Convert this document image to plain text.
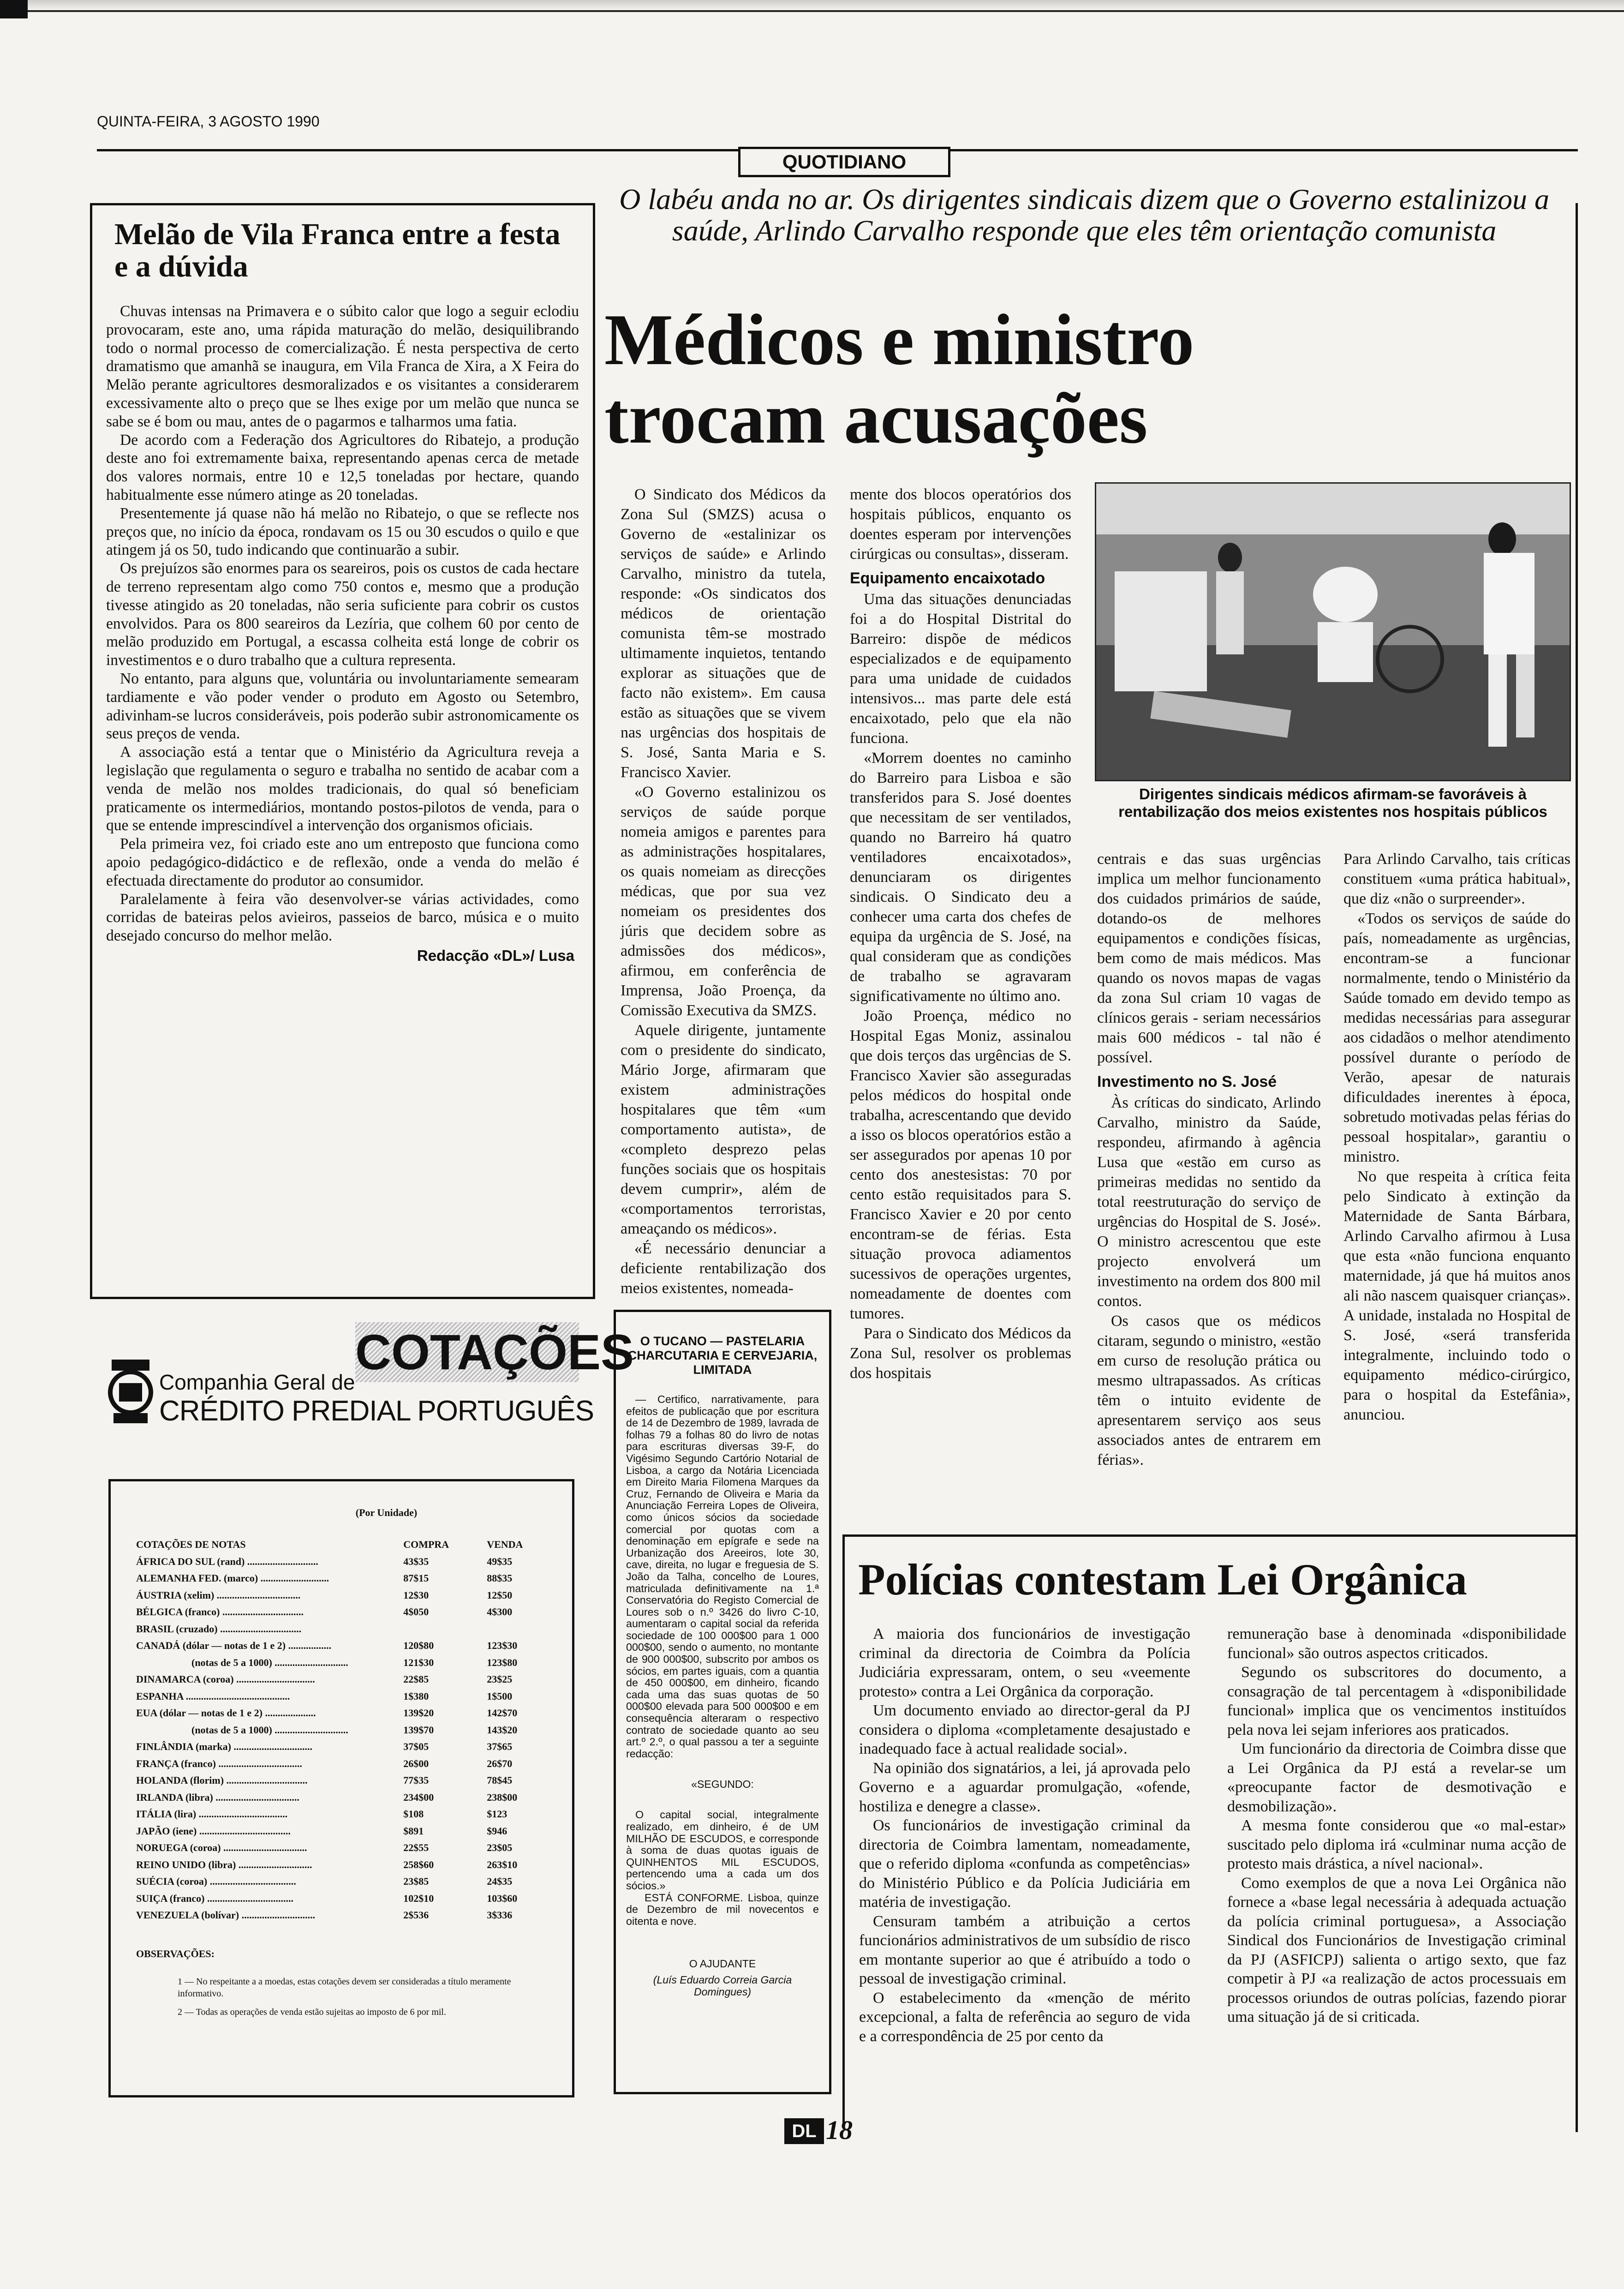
QUINTA-FEIRA, 3 AGOSTO 1990
QUOTIDIANO
Melão de Vila Franca entre a festa e a dúvida

Chuvas intensas na Primavera e o súbito calor que logo a seguir eclodiu provocaram, este ano, uma rápida maturação do melão, desiquilibrando todo o normal processo de comercialização. É nesta perspectiva de certo dramatismo que amanhã se inaugura, em Vila Franca de Xira, a X Feira do Melão perante agricultores desmoralizados e os visitantes a considerarem excessivamente alto o preço que se lhes exige por um melão que nunca se sabe se é bom ou mau, antes de o pagarmos e talharmos uma fatia.

De acordo com a Federação dos Agricultores do Ribatejo, a produção deste ano foi extremamente baixa, representando apenas cerca de metade dos valores normais, entre 10 e 12,5 toneladas por hectare, quando habitualmente esse número atinge as 20 toneladas.

Presentemente já quase não há melão no Ribatejo, o que se reflecte nos preços que, no início da época, rondavam os 15 ou 30 escudos o quilo e que atingem já os 50, tudo indicando que continuarão a subir.

Os prejuízos são enormes para os seareiros, pois os custos de cada hectare de terreno representam algo como 750 contos e, mesmo que a produção tivesse atingido as 20 toneladas, não seria suficiente para cobrir os custos envolvidos. Para os 800 seareiros da Lezíria, que colhem 60 por cento de melão produzido em Portugal, a escassa colheita está longe de cobrir os investimentos e o duro trabalho que a cultura representa.

No entanto, para alguns que, voluntária ou involuntariamente semearam tardiamente e vão poder vender o produto em Agosto ou Setembro, adivinham-se lucros consideráveis, pois poderão subir astronomicamente os seus preços de venda.

A associação está a tentar que o Ministério da Agricultura reveja a legislação que regulamenta o seguro e trabalha no sentido de acabar com a venda de melão nos moldes tradicionais, do qual só beneficiam praticamente os intermediários, montando postos-pilotos de venda, para o que se entende imprescindível a intervenção dos organismos oficiais.

Pela primeira vez, foi criado este ano um entreposto que funciona como apoio pedagógico-didáctico e de reflexão, onde a venda do melão é efectuada directamente do produtor ao consumidor.

Paralelamente à feira vão desenvolver-se várias actividades, como corridas de bateiras pelos avieiros, passeios de barco, música e o muito desejado concurso do melhor melão.

Redacção «DL»/ Lusa
O labéu anda no ar. Os dirigentes sindicais dizem que o Governo estalinizou a saúde, Arlindo Carvalho responde que eles têm orientação comunista
Médicos e ministro trocam acusações
Dirigentes sindicais médicos afirmam-se favoráveis à rentabilização dos meios existentes nos hospitais públicos

O Sindicato dos Médicos da Zona Sul (SMZS) acusa o Governo de «estalinizar os serviços de saúde» e Arlindo Carvalho, ministro da tutela, responde: «Os sindicatos dos médicos de orientação comunista têm-se mostrado ultimamente inquietos, tentando explorar as situações que de facto não existem». Em causa estão as situações que se vivem nas urgências dos hospitais de S. José, Santa Maria e S. Francisco Xavier.

«O Governo estalinizou os serviços de saúde porque nomeia amigos e parentes para as administrações hospitalares, os quais nomeiam as direcções médicas, que por sua vez nomeiam os presidentes dos júris que decidem sobre as admissões dos médicos», afirmou, em conferência de Imprensa, João Proença, da Comissão Executiva da SMZS.

Aquele dirigente, juntamente com o presidente do sindicato, Mário Jorge, afirmaram que existem administrações hospitalares que têm «um comportamento autista», de «completo desprezo pelas funções sociais que os hospitais devem cumprir», além de «comportamentos terroristas, ameaçando os médicos».

«É necessário denunciar a deficiente rentabilização dos meios existentes, nomeada-

mente dos blocos operatórios dos hospitais públicos, enquanto os doentes esperam por intervenções cirúrgicas ou consultas», disseram.
Equipamento encaixotado

Uma das situações denunciadas foi a do Hospital Distrital do Barreiro: dispõe de médicos especializados e de equipamento para uma unidade de cuidados intensivos... mas parte dele está encaixotado, pelo que ela não funciona.

«Morrem doentes no caminho do Barreiro para Lisboa e são transferidos para S. José doentes que necessitam de ser ventilados, quando no Barreiro há quatro ventiladores encaixotados», denunciaram os dirigentes sindicais. O Sindicato deu a conhecer uma carta dos chefes de equipa da urgência de S. José, na qual consideram que as condições de trabalho se agravaram significativamente no último ano.

João Proença, médico no Hospital Egas Moniz, assinalou que dois terços das urgências de S. Francisco Xavier são asseguradas pelos médicos do hospital onde trabalha, acrescentando que devido a isso os blocos operatórios estão a ser assegurados por apenas 10 por cento dos anestesistas: 70 por cento estão requisitados para S. Francisco Xavier e 20 por cento encontram-se de férias. Esta situação provoca adiamentos sucessivos de operações urgentes, nomeadamente de doentes com tumores.

Para o Sindicato dos Médicos da Zona Sul, resolver os problemas dos hospitais

centrais e das suas urgências implica um melhor funcionamento dos cuidados primários de saúde, dotando-os de melhores equipamentos e condições físicas, bem como de mais médicos. Mas quando os novos mapas de vagas da zona Sul criam 10 vagas de clínicos gerais - seriam necessários mais 600 médicos - tal não é possível.
Investimento no S. José

Às críticas do sindicato, Arlindo Carvalho, ministro da Saúde, respondeu, afirmando à agência Lusa que «estão em curso as primeiras medidas no sentido da total reestruturação do serviço de urgências do Hospital de S. José». O ministro acrescentou que este projecto envolverá um investimento na ordem dos 800 mil contos.

Os casos que os médicos citaram, segundo o ministro, «estão em curso de resolução prática ou mesmo ultrapassados. As críticas têm o intuito evidente de apresentarem serviço aos seus associados antes de entrarem em férias».

Para Arlindo Carvalho, tais críticas constituem «uma prática habitual», que diz «não o surpreender».

«Todos os serviços de saúde do país, nomeadamente as urgências, encontram-se a funcionar normalmente, tendo o Ministério da Saúde tomado em devido tempo as medidas necessárias para assegurar aos cidadãos o melhor atendimento possível durante o período de Verão, apesar de naturais dificuldades inerentes à época, sobretudo motivadas pelas férias do pessoal hospitalar», garantiu o ministro.

No que respeita à crítica feita pelo Sindicato à extinção da Maternidade de Santa Bárbara, Arlindo Carvalho afirmou à Lusa que esta «não funciona enquanto maternidade, já que há muitos anos ali não nascem quaisquer crianças». A unidade, instalada no Hospital de S. José, «será transferida integralmente, incluindo todo o equipamento médico-cirúrgico, para o hospital da Estefânia», anunciou.

COTAÇÕES
Companhia Geral de
CRÉDITO PREDIAL PORTUGUÊS
(Por Unidade)
COTAÇÕES DE NOTAS	COMPRA	VENDA
ÁFRICA DO SUL (rand) ............................	43$35	49$35
ALEMANHA FED. (marco) ...........................	87$15	88$35
ÁUSTRIA (xelim) .................................	12$30	12$50
BÉLGICA (franco) ................................	4$050	4$300
BRASIL (cruzado) ................................		
CANADÁ (dólar — notas de 1 e 2) .................	120$80	123$30
(notas de 5 a 1000) .............................	121$30	123$80
DINAMARCA (coroa) ...............................	22$85	23$25
ESPANHA .........................................	1$380	1$500
EUA (dólar — notas de 1 e 2) ....................	139$20	142$70
(notas de 5 a 1000) .............................	139$70	143$20
FINLÂNDIA (marka) ...............................	37$05	37$65
FRANÇA (franco) .................................	26$00	26$70
HOLANDA (florim) ................................	77$35	78$45
IRLANDA (libra) .................................	234$00	238$00
ITÁLIA (lira) ...................................	$108	$123
JAPÃO (iene) ....................................	$891	$946
NORUEGA (coroa) .................................	22$55	23$05
REINO UNIDO (libra) .............................	258$60	263$10
SUÉCIA (coroa) ..................................	23$85	24$35
SUIÇA (franco) ..................................	102$10	103$60
VENEZUELA (bolívar) .............................	2$536	3$336
OBSERVAÇÕES:
1 — No respeitante a a moedas, estas cotações devem ser consideradas a título meramente informativo.
2 — Todas as operações de venda estão sujeitas ao imposto de 6 por mil.
O TUCANO — PASTELARIA CHARCUTARIA E CERVEJARIA, LIMITADA
— Certifico, narrativamente, para efeitos de publicação que por escritura de 14 de Dezembro de 1989, lavrada de folhas 79 a folhas 80 do livro de notas para escrituras diversas 39-F, do Vigésimo Segundo Cartório Notarial de Lisboa, a cargo da Notária Licenciada em Direito Maria Filomena Marques da Cruz, Fernando de Oliveira e Maria da Anunciação Ferreira Lopes de Oliveira, como únicos sócios da sociedade comercial por quotas com a denominação em epígrafe e sede na Urbanização dos Areeiros, lote 30, cave, direita, no lugar e freguesia de S. João da Talha, concelho de Loures, matriculada definitivamente na 1.ª Conservatória do Registo Comercial de Loures sob o n.º 3426 do livro C-10, aumentaram o capital social da referida sociedade de 100 000$00 para 1 000 000$00, sendo o aumento, no montante de 900 000$00, subscrito por ambos os sócios, em partes iguais, com a quantia de 450 000$00, em dinheiro, ficando cada uma das suas quotas de 50 000$00 elevada para 500 000$00 e em consequência alteraram o respectivo contrato de sociedade quanto ao seu art.º 2.º, o qual passou a ter a seguinte redacção:
«SEGUNDO:
O capital social, integralmente realizado, em dinheiro, é de UM MILHÃO DE ESCUDOS, e corresponde à soma de duas quotas iguais de QUINHENTOS MIL ESCUDOS, pertencendo uma a cada um dos sócios.»
ESTÁ CONFORME. Lisboa, quinze de Dezembro de mil novecentos e oitenta e nove.
O AJUDANTE
(Luís Eduardo Correia Garcia Domingues)
Polícias contestam Lei Orgânica

A maioria dos funcionários de investigação criminal da directoria de Coimbra da Polícia Judiciária expressaram, ontem, o seu «veemente protesto» contra a Lei Orgânica da corporação.

Um documento enviado ao director-geral da PJ considera o diploma «completamente desajustado e inadequado face à actual realidade social».

Na opinião dos signatários, a lei, já aprovada pelo Governo e a aguardar promulgação, «ofende, hostiliza e denegre a classe».

Os funcionários de investigação criminal da directoria de Coimbra lamentam, nomeadamente, que o referido diploma «confunda as competências» do Ministério Público e da Polícia Judiciária em matéria de investigação.

Censuram também a atribuição a certos funcionários administrativos de um subsídio de risco em montante superior ao que é atribuído a todo o pessoal de investigação criminal.

O estabelecimento da «menção de mérito excepcional, a falta de referência ao seguro de vida e a correspondência de 25 por cento da

remuneração base à denominada «disponibilidade funcional» são outros aspectos criticados.

Segundo os subscritores do documento, a consagração de tal percentagem à «disponibilidade funcional» implica que os vencimentos instituídos pela nova lei sejam inferiores aos praticados.

Um funcionário da directoria de Coimbra disse que a Lei Orgânica da PJ está a revelar-se um «preocupante factor de desmotivação e desmobilização».

A mesma fonte considerou que «o mal-estar» suscitado pelo diploma irá «culminar numa acção de protesto mais drástica, a nível nacional».

Como exemplos de que a nova Lei Orgânica não fornece a «base legal necessária à adequada actuação da polícia criminal portuguesa», a Associação Sindical dos Funcionários de Investigação criminal da PJ (ASFICPJ) salienta o artigo sexto, que faz competir à PJ «a realização de actos processuais em processos oriundos de outras polícias, fazendo piorar uma situação já de si criticada.

DL 18
